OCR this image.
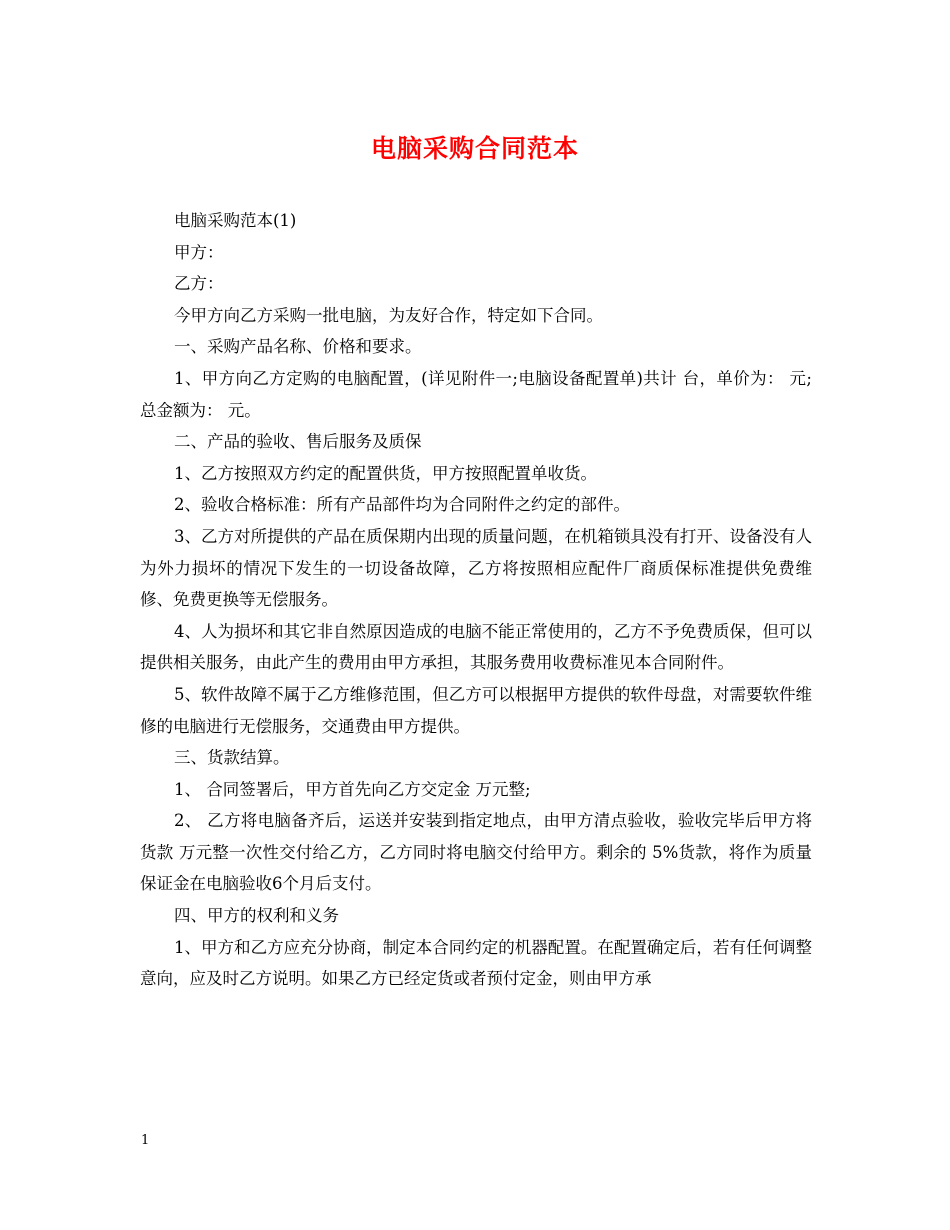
电脑采购合同范本

电脑采购范本(1)

甲方：

乙方：

今甲方向乙方采购一批电脑，为友好合作，特定如下合同。

一、采购产品名称、价格和要求。

1、甲方向乙方定购的电脑配置，(详见附件一;电脑设备配置单)共计 台，单价为： 元; 总金额为： 元。

二、产品的验收、售后服务及质保

1、乙方按照双方约定的配置供货，甲方按照配置单收货。

2、验收合格标准：所有产品部件均为合同附件之约定的部件。

3、乙方对所提供的产品在质保期内出现的质量问题，在机箱锁具没有打开、设备没有人为外力损坏的情况下发生的一切设备故障，乙方将按照相应配件厂商质保标准提供免费维修、免费更换等无偿服务。

4、人为损坏和其它非自然原因造成的电脑不能正常使用的，乙方不予免费质保，但可以提供相关服务，由此产生的费用由甲方承担，其服务费用收费标准见本合同附件。

5、软件故障不属于乙方维修范围，但乙方可以根据甲方提供的软件母盘，对需要软件维修的电脑进行无偿服务，交通费由甲方提供。

三、货款结算。

1、 合同签署后，甲方首先向乙方交定金 万元整;

2、 乙方将电脑备齐后，运送并安装到指定地点，由甲方清点验收，验收完毕后甲方将货款 万元整一次性交付给乙方，乙方同时将电脑交付给甲方。剩余的 5%货款，将作为质量保证金在电脑验收6个月后支付。

四、甲方的权利和义务

1、甲方和乙方应充分协商，制定本合同约定的机器配置。在配置确定后，若有任何调整意向，应及时乙方说明。如果乙方已经定货或者预付定金，则由甲方承

1
